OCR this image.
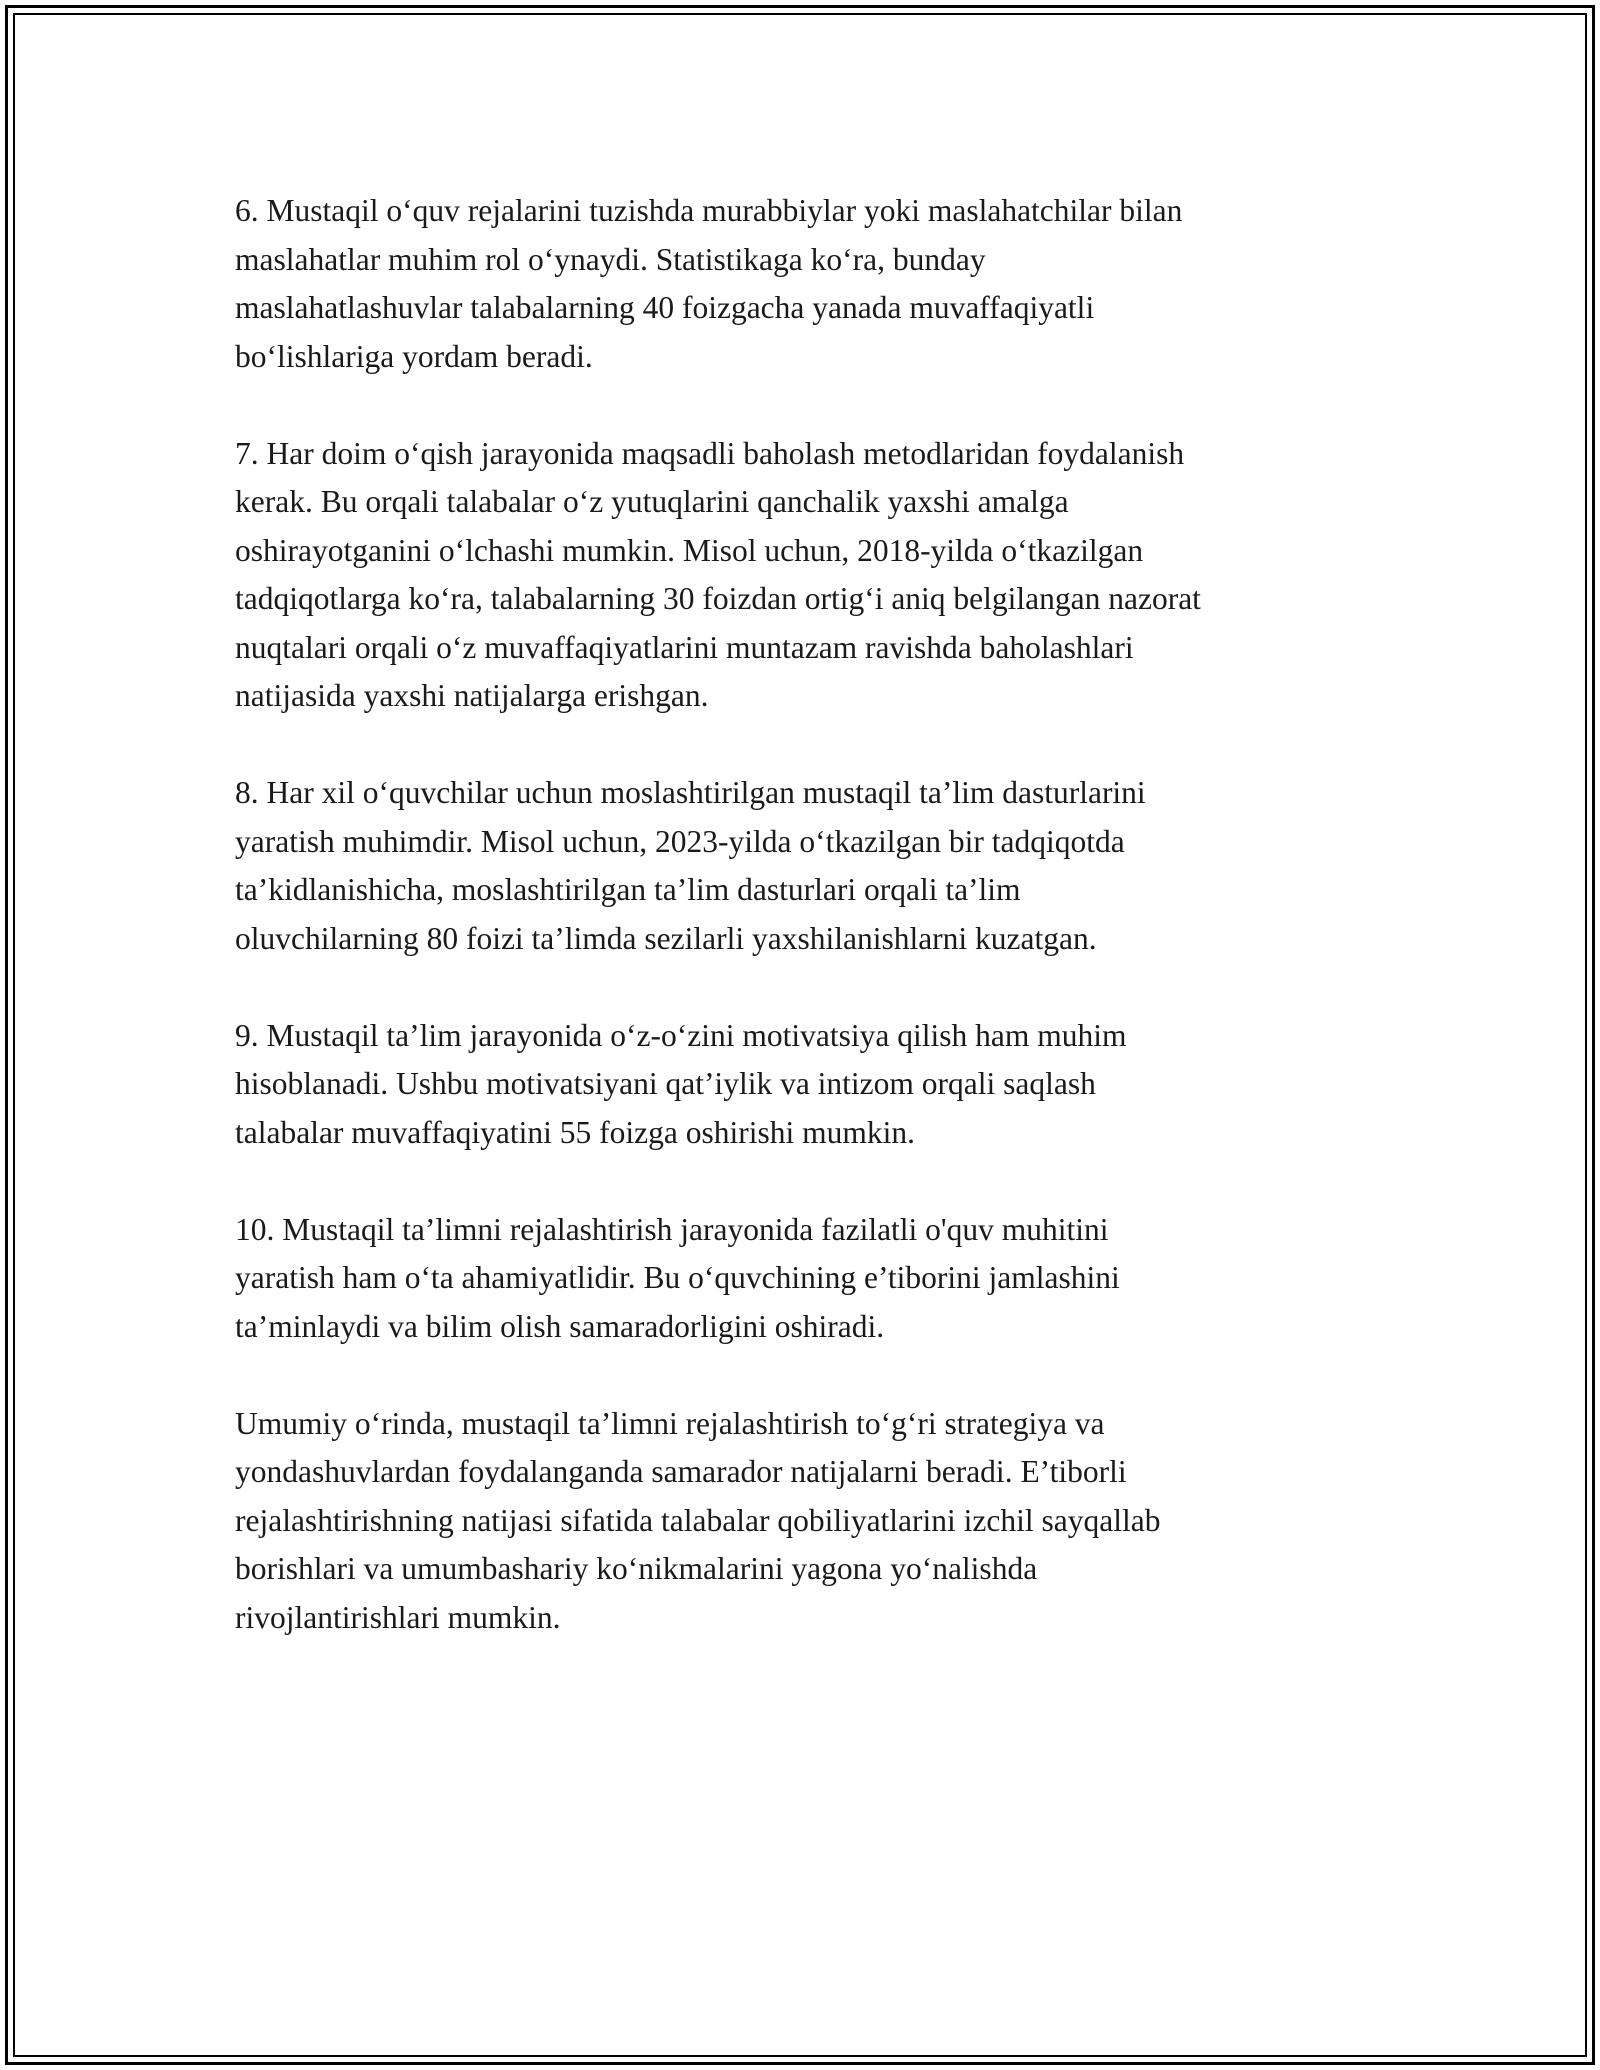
6. Mustaqil o‘quv rejalarini tuzishda murabbiylar yoki maslahatchilar bilan
maslahatlar muhim rol o‘ynaydi. Statistikaga ko‘ra, bunday
maslahatlashuvlar talabalarning 40 foizgacha yanada muvaffaqiyatli
bo‘lishlariga yordam beradi.

7. Har doim o‘qish jarayonida maqsadli baholash metodlaridan foydalanish
kerak. Bu orqali talabalar o‘z yutuqlarini qanchalik yaxshi amalga
oshirayotganini o‘lchashi mumkin. Misol uchun, 2018-yilda o‘tkazilgan
tadqiqotlarga ko‘ra, talabalarning 30 foizdan ortig‘i aniq belgilangan nazorat
nuqtalari orqali o‘z muvaffaqiyatlarini muntazam ravishda baholashlari
natijasida yaxshi natijalarga erishgan.

8. Har xil o‘quvchilar uchun moslashtirilgan mustaqil ta’lim dasturlarini
yaratish muhimdir. Misol uchun, 2023-yilda o‘tkazilgan bir tadqiqotda
ta’kidlanishicha, moslashtirilgan ta’lim dasturlari orqali ta’lim
oluvchilarning 80 foizi ta’limda sezilarli yaxshilanishlarni kuzatgan.

9. Mustaqil ta’lim jarayonida o‘z-o‘zini motivatsiya qilish ham muhim
hisoblanadi. Ushbu motivatsiyani qat’iylik va intizom orqali saqlash
talabalar muvaffaqiyatini 55 foizga oshirishi mumkin.

10. Mustaqil ta’limni rejalashtirish jarayonida fazilatli o'quv muhitini
yaratish ham o‘ta ahamiyatlidir. Bu o‘quvchining e’tiborini jamlashini
ta’minlaydi va bilim olish samaradorligini oshiradi.

Umumiy o‘rinda, mustaqil ta’limni rejalashtirish to‘g‘ri strategiya va
yondashuvlardan foydalanganda samarador natijalarni beradi. E’tiborli
rejalashtirishning natijasi sifatida talabalar qobiliyatlarini izchil sayqallab
borishlari va umumbashariy ko‘nikmalarini yagona yo‘nalishda
rivojlantirishlari mumkin.
